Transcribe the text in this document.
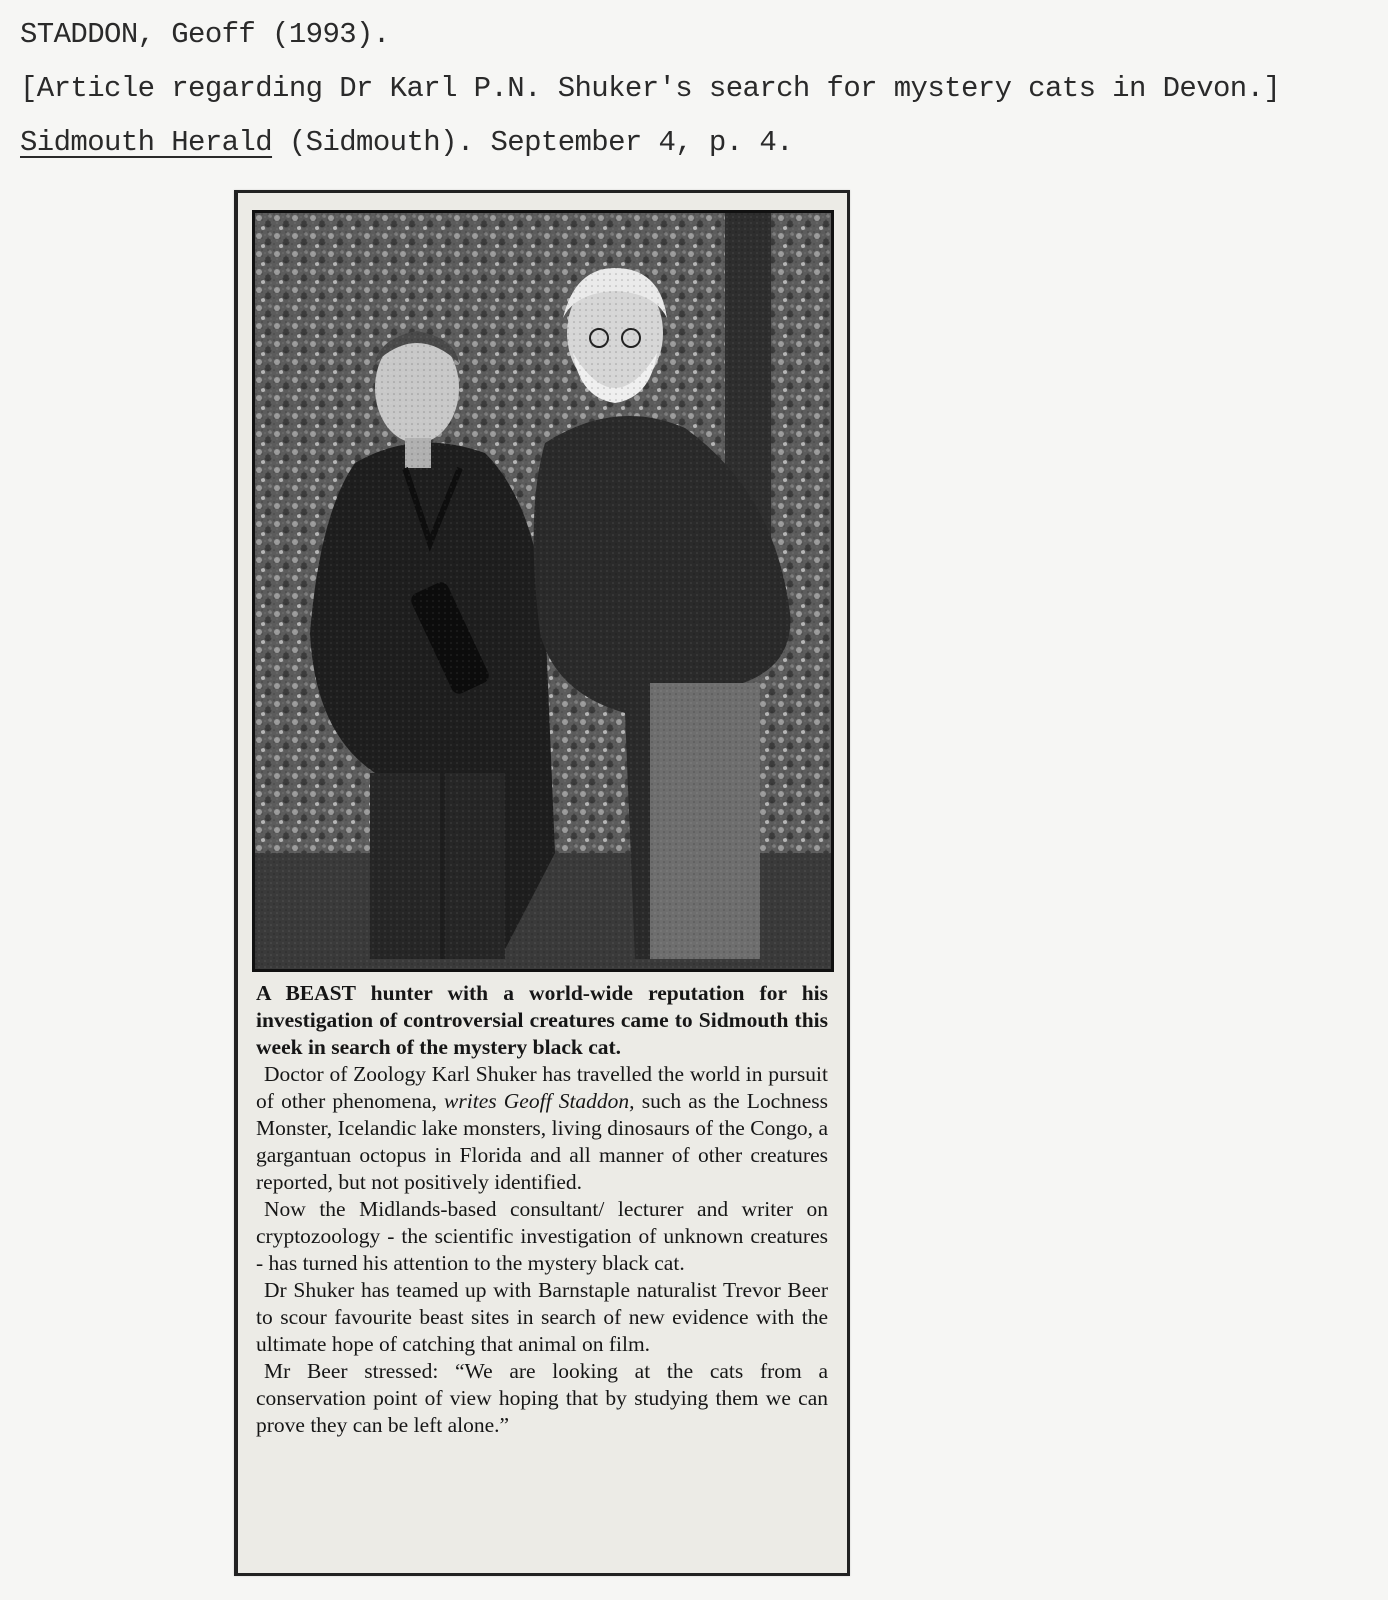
STADDON, Geoff (1993).
[Article regarding Dr Karl P.N. Shuker's search for mystery cats in Devon.]
Sidmouth Herald (Sidmouth). September 4, p. 4.

A BEAST hunter with a world-wide reputation for his investigation of controversial creatures came to Sidmouth this week in search of the mystery black cat.

Doctor of Zoology Karl Shuker has travelled the world in pursuit of other phenomena, writes Geoff Staddon, such as the Lochness Monster, Icelandic lake monsters, living dinosaurs of the Congo, a gargantuan octopus in Florida and all manner of other creatures reported, but not positively identified.

Now the Midlands-based consultant/ lecturer and writer on cryptozoology - the scientific investigation of unknown creatures - has turned his attention to the mystery black cat.

Dr Shuker has teamed up with Barnstaple naturalist Trevor Beer to scour favourite beast sites in search of new evidence with the ultimate hope of catching that animal on film.

Mr Beer stressed: “We are looking at the cats from a conservation point of view hoping that by studying them we can prove they can be left alone.”
